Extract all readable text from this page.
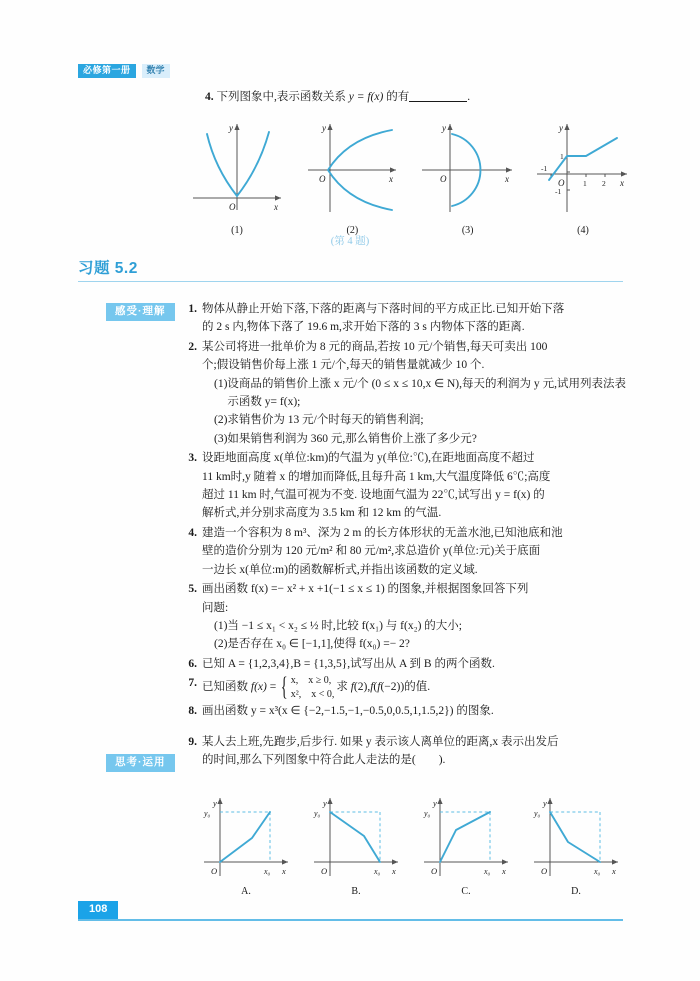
必修第一册	数学
4. 下列图象中,表示函数关系 y = f(x) 的有	.
O	x
y
(1)
O	x
y
(2)
O	x
y
(3)
O	x
y
-1
1 2
1
-1
(4)
(第 4 题)
习题 5.2
感受·理解
思考·运用
1. 物体从静止开始下落,下落的距离与下落时间的平方成正比.已知开始下落
的 2 s 内,物体下落了 19.6 m,求开始下落的 3 s 内物体下落的距离.
2. 某公司将进一批单价为 8 元的商品,若按 10 元/个销售,每天可卖出 100
个;假设销售价每上涨 1 元/个,每天的销售量就减少 10 个.
(1) 设商品的销售价上涨 x 元/个 (0 ≤ x ≤ 10,x ∈ N),每天的利润为 y 元,试用列表法表示函数 y= f(x);
(2) 求销售价为 13 元/个时每天的销售利润;
(3) 如果销售利润为 360 元,那么销售价上涨了多少元?
3. 设距地面高度 x(单位:km)的气温为 y(单位:℃),在距地面高度不超过
11 km时,y 随着 x 的增加而降低,且每升高 1 km,大气温度降低 6℃;高度
超过 11 km 时,气温可视为不变. 设地面气温为 22℃,试写出 y = f(x) 的
解析式,并分别求高度为 3.5 km 和 12 km 的气温.
4. 建造一个容积为 8 m³、深为 2 m 的长方体形状的无盖水池,已知池底和池
壁的造价分别为 120 元/m² 和 80 元/m²,求总造价 y(单位:元)关于底面
一边长 x(单位:m)的函数解析式,并指出该函数的定义域.
5. 画出函数 f(x) =− x² + x +1(−1 ≤ x ≤ 1) 的图象,并根据图象回答下列
问题:
(1) 当 −1 ≤ x₁ < x₂ ≤ ½ 时,比较 f(x₁) 与 f(x₂) 的大小;
(2) 是否存在 x₀ ∈ [−1,1],使得 f(x₀) =− 2?
6. 已知 A = {1,2,3,4},B = {1,3,5},试写出从 A 到 B 的两个函数.
7. 已知函数 f(x) = { x,　x ≥ 0,
x²,　x < 0,
求 f(2),f(f(−2))的值.
8. 画出函数 y = x³(x ∈ {−2,−1.5,−1,−0.5,0,0.5,1,1.5,2}) 的图象.
9. 某人去上班,先跑步,后步行. 如果 y 表示该人离单位的距离,x 表示出发后
的时间,那么下列图象中符合此人走法的是(　　).
O	x
y
y₀
x₀
A.
O	x
y
y₀
x₀
B.
O	x
y
y₀
x₀
C.
O	x
y
y₀
x₀
D.
108
